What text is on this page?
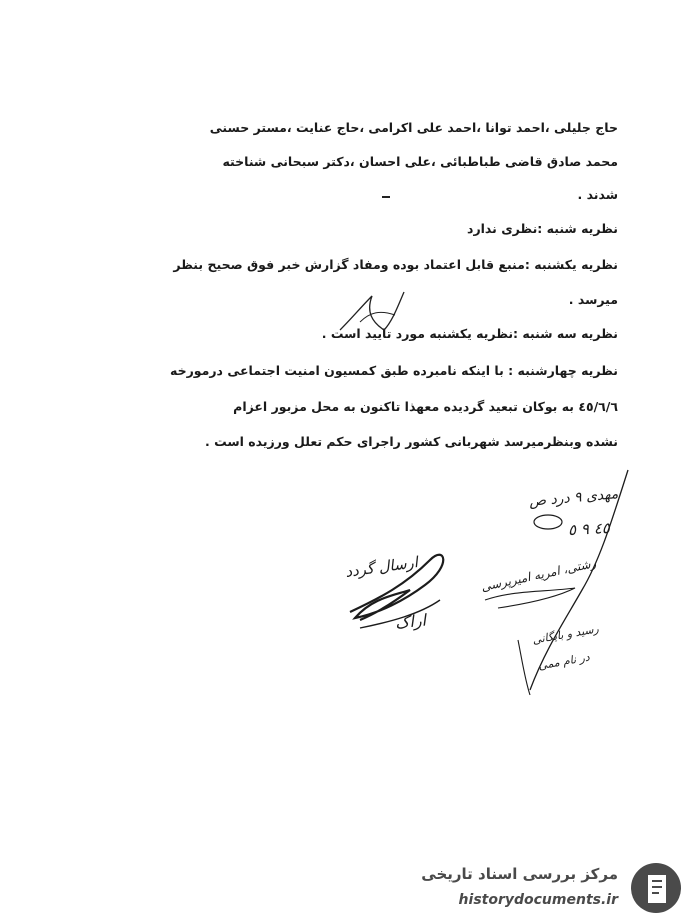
حاج جلیلی ،احمد توانا ،احمد علی اکرامی ،حاج عنایت ،مستر حسنی
محمد صادق قاضی طباطبائی ،علی احسان ،دکتر سبحانی شناخته
شدند .
نظریه شنبه :نظری ندارد
نظریه یکشنبه :منبع قابل اعتماد بوده ومفاد گزارش خبر فوق صحیح بنظر
میرسد .
نظریه سه شنبه :نظریه یکشنبه مورد تایید است .
نظریه چهارشنبه : با اینکه نامبرده طبق کمسیون امنیت اجتماعی درمورخه
٤٥/٦/٦ به بوکان تبعید گردیده معهذا تاکنون به محل مزبور اعزام
نشده وبنظرمیرسد شهربانی کشور راجرای حکم تعلل ورزیده است .
مهدی ۹ درد ص
٤٥ ٩ ٥
ارسال گردد
اراک
رشتی، امریه امیرپرسی
رسید و بایگانی
در نام ممی
مرکز بررسی اسناد تاریخی
historydocuments.ir
